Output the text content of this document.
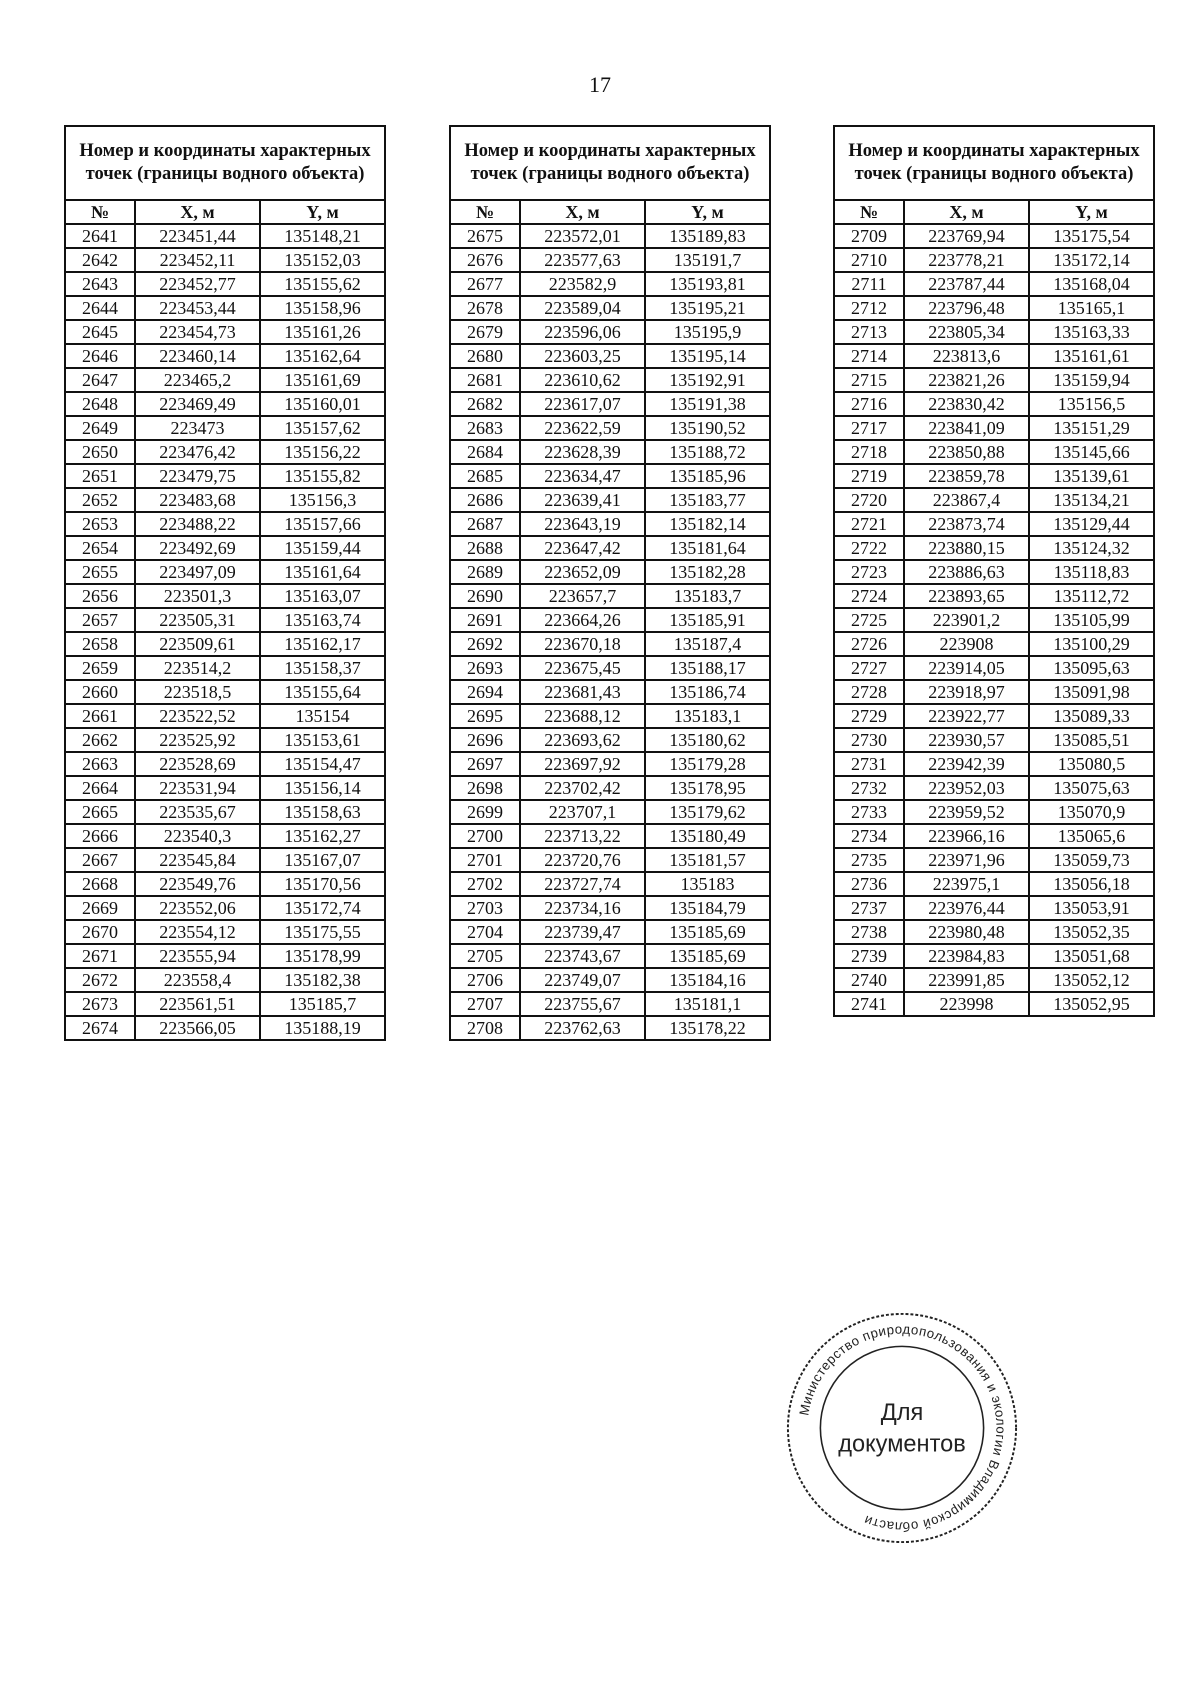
17
Номер и координаты характерных точек (границы водного объекта)		
№	X, м	Y, м
2641	223451,44	135148,21
2642	223452,11	135152,03
2643	223452,77	135155,62
2644	223453,44	135158,96
2645	223454,73	135161,26
2646	223460,14	135162,64
2647	223465,2	135161,69
2648	223469,49	135160,01
2649	223473	135157,62
2650	223476,42	135156,22
2651	223479,75	135155,82
2652	223483,68	135156,3
2653	223488,22	135157,66
2654	223492,69	135159,44
2655	223497,09	135161,64
2656	223501,3	135163,07
2657	223505,31	135163,74
2658	223509,61	135162,17
2659	223514,2	135158,37
2660	223518,5	135155,64
2661	223522,52	135154
2662	223525,92	135153,61
2663	223528,69	135154,47
2664	223531,94	135156,14
2665	223535,67	135158,63
2666	223540,3	135162,27
2667	223545,84	135167,07
2668	223549,76	135170,56
2669	223552,06	135172,74
2670	223554,12	135175,55
2671	223555,94	135178,99
2672	223558,4	135182,38
2673	223561,51	135185,7
2674	223566,05	135188,19
Номер и координаты характерных точек (границы водного объекта)		
№	X, м	Y, м
2675	223572,01	135189,83
2676	223577,63	135191,7
2677	223582,9	135193,81
2678	223589,04	135195,21
2679	223596,06	135195,9
2680	223603,25	135195,14
2681	223610,62	135192,91
2682	223617,07	135191,38
2683	223622,59	135190,52
2684	223628,39	135188,72
2685	223634,47	135185,96
2686	223639,41	135183,77
2687	223643,19	135182,14
2688	223647,42	135181,64
2689	223652,09	135182,28
2690	223657,7	135183,7
2691	223664,26	135185,91
2692	223670,18	135187,4
2693	223675,45	135188,17
2694	223681,43	135186,74
2695	223688,12	135183,1
2696	223693,62	135180,62
2697	223697,92	135179,28
2698	223702,42	135178,95
2699	223707,1	135179,62
2700	223713,22	135180,49
2701	223720,76	135181,57
2702	223727,74	135183
2703	223734,16	135184,79
2704	223739,47	135185,69
2705	223743,67	135185,69
2706	223749,07	135184,16
2707	223755,67	135181,1
2708	223762,63	135178,22
Номер и координаты характерных точек (границы водного объекта)		
№	X, м	Y, м
2709	223769,94	135175,54
2710	223778,21	135172,14
2711	223787,44	135168,04
2712	223796,48	135165,1
2713	223805,34	135163,33
2714	223813,6	135161,61
2715	223821,26	135159,94
2716	223830,42	135156,5
2717	223841,09	135151,29
2718	223850,88	135145,66
2719	223859,78	135139,61
2720	223867,4	135134,21
2721	223873,74	135129,44
2722	223880,15	135124,32
2723	223886,63	135118,83
2724	223893,65	135112,72
2725	223901,2	135105,99
2726	223908	135100,29
2727	223914,05	135095,63
2728	223918,97	135091,98
2729	223922,77	135089,33
2730	223930,57	135085,51
2731	223942,39	135080,5
2732	223952,03	135075,63
2733	223959,52	135070,9
2734	223966,16	135065,6
2735	223971,96	135059,73
2736	223975,1	135056,18
2737	223976,44	135053,91
2738	223980,48	135052,35
2739	223984,83	135051,68
2740	223991,85	135052,12
2741	223998	135052,95
Министерство природопользования и экологии Владимирской области
Для
документов
